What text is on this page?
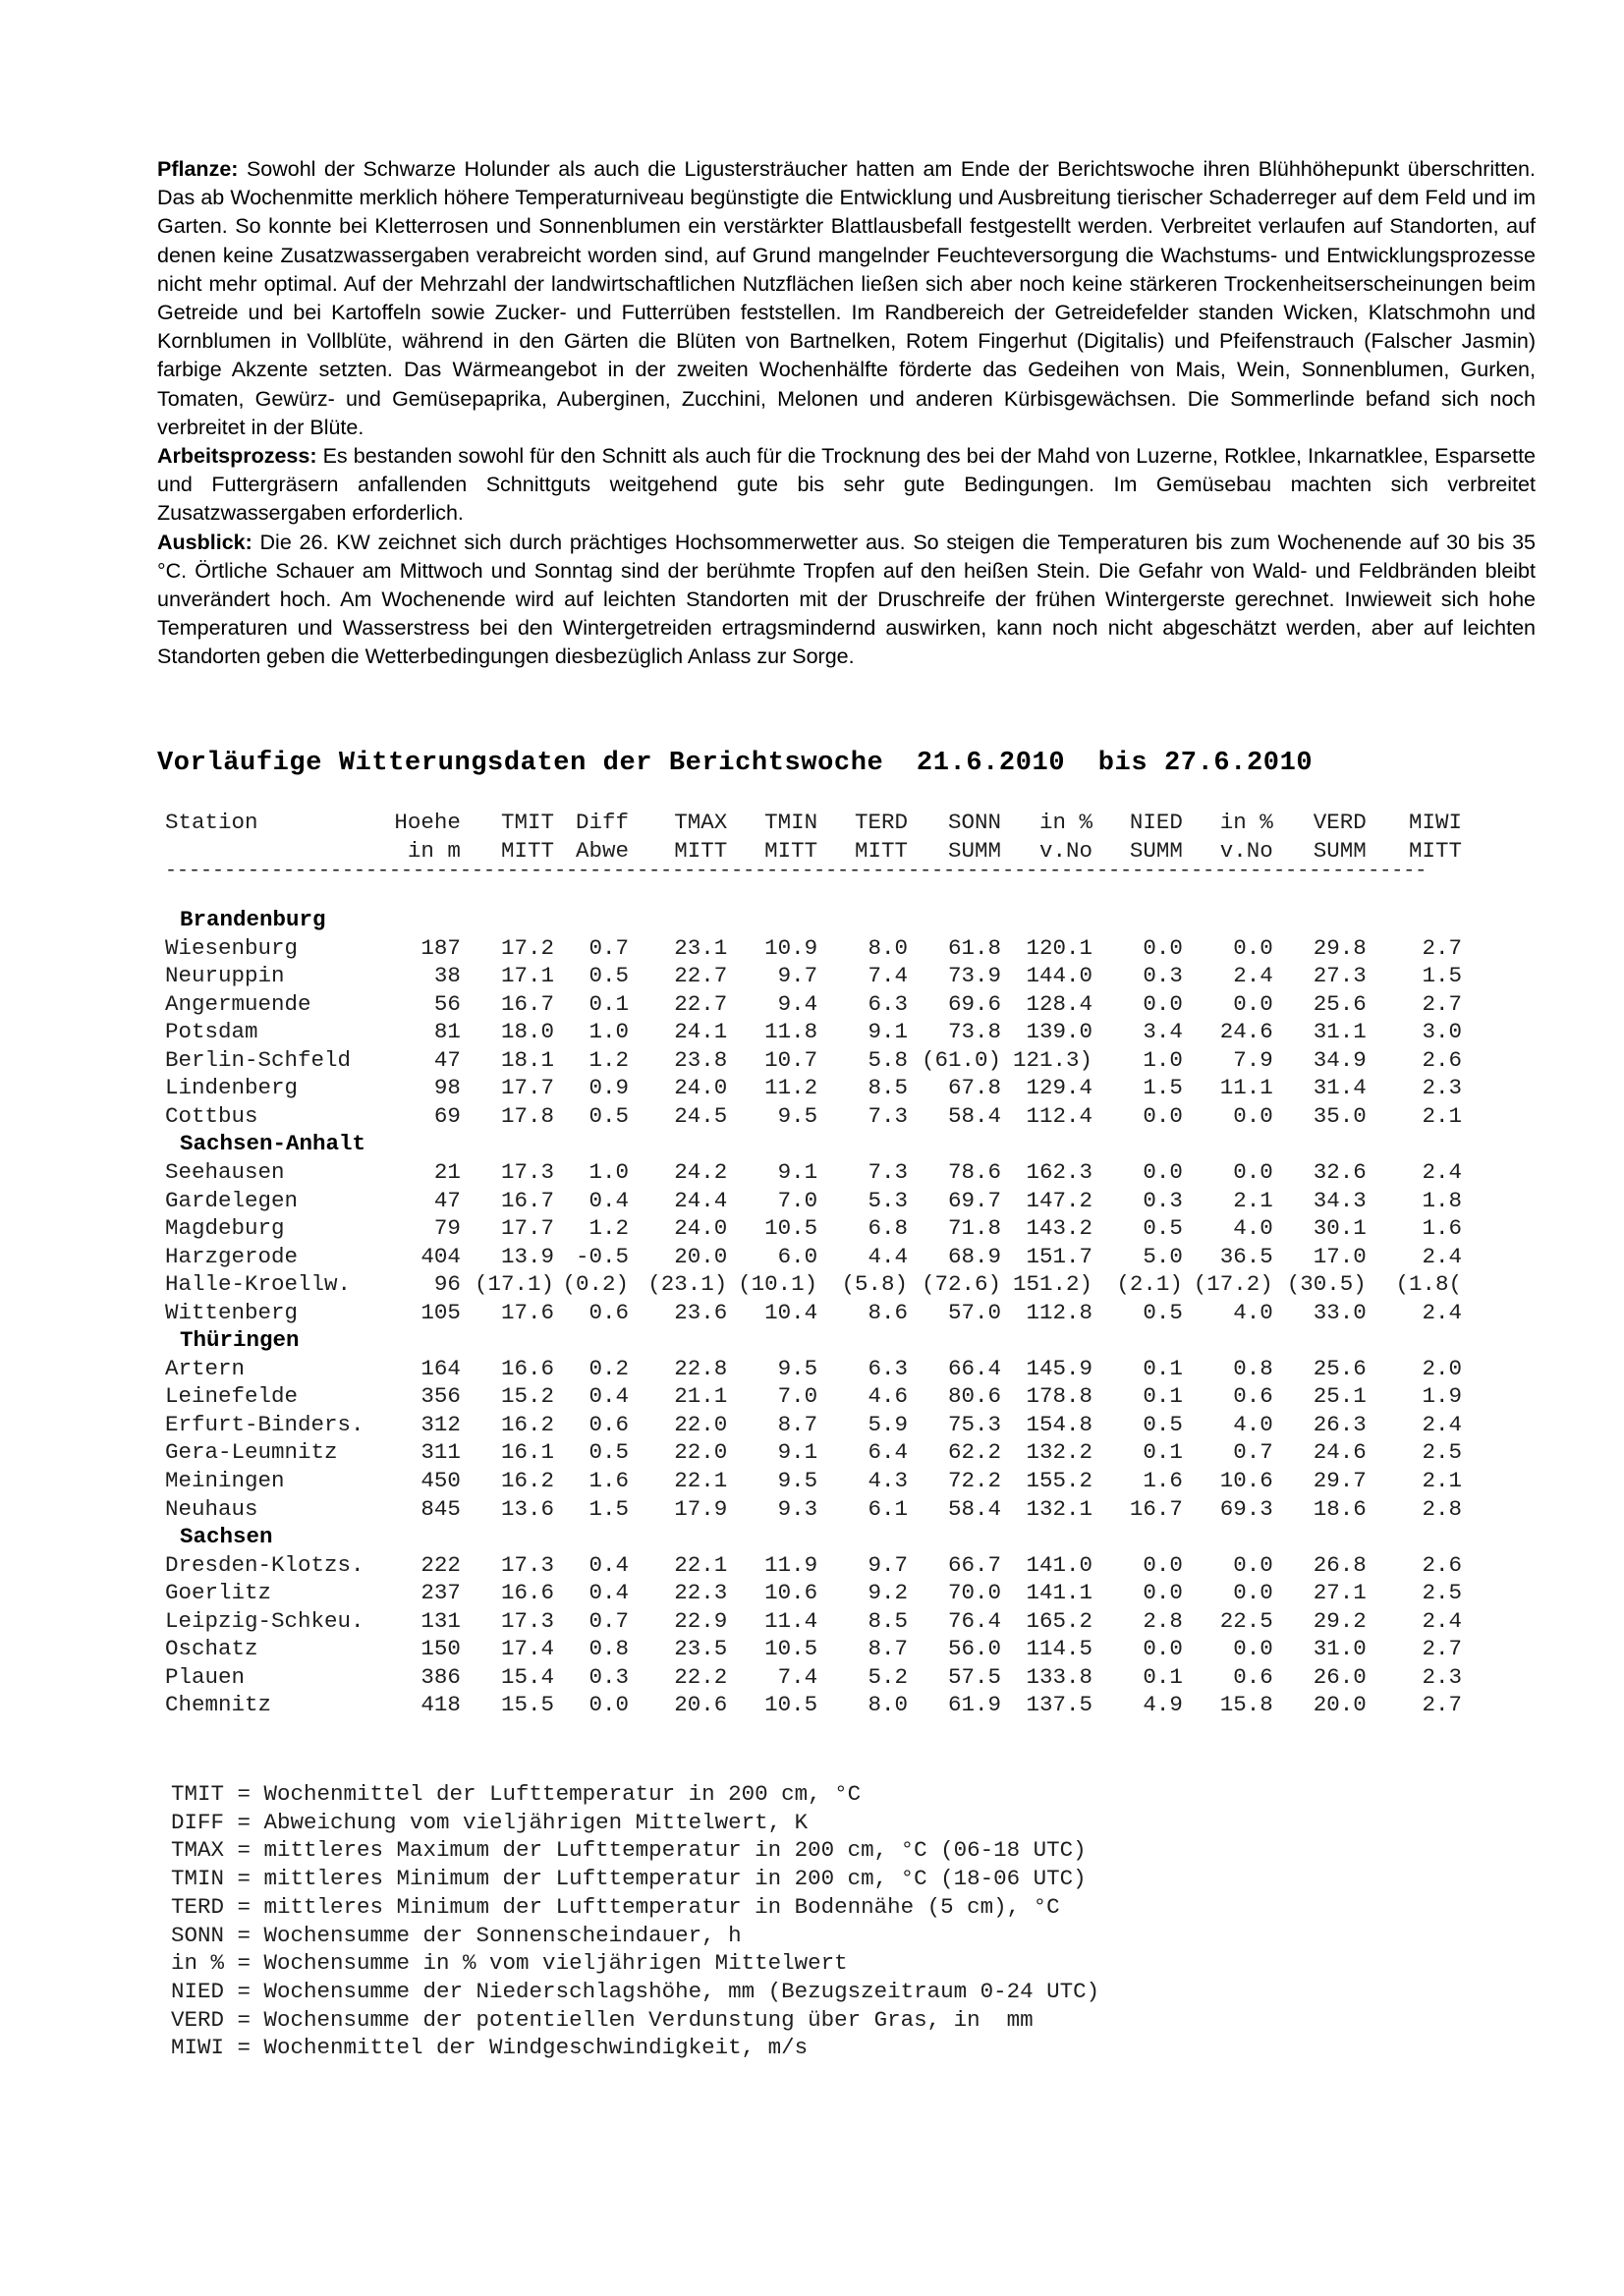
Pflanze: Sowohl der Schwarze Holunder als auch die Ligustersträucher hatten am Ende der Berichtswoche ihren Blühhöhepunkt überschritten. Das ab Wochenmitte merklich höhere Temperaturniveau begünstigte die Entwicklung und Ausbreitung tierischer Schaderreger auf dem Feld und im Garten. So konnte bei Kletterrosen und Sonnenblumen ein verstärkter Blattlausbefall festgestellt werden. Verbreitet verlaufen auf Standorten, auf denen keine Zusatzwassergaben verabreicht worden sind, auf Grund mangelnder Feuchteversorgung die Wachstums- und Entwicklungsprozesse nicht mehr optimal. Auf der Mehrzahl der landwirtschaftlichen Nutzflächen ließen sich aber noch keine stärkeren Trockenheitserscheinungen beim Getreide und bei Kartoffeln sowie Zucker- und Futterrüben feststellen. Im Randbereich der Getreidefelder standen Wicken, Klatschmohn und Kornblumen in Vollblüte, während in den Gärten die Blüten von Bartnelken, Rotem Fingerhut (Digitalis) und Pfeifenstrauch (Falscher Jasmin) farbige Akzente setzten. Das Wärmeangebot in der zweiten Wochenhälfte förderte das Gedeihen von Mais, Wein, Sonnenblumen, Gurken, Tomaten, Gewürz- und Gemüsepaprika, Auberginen, Zucchini, Melonen und anderen Kürbisgewächsen. Die Sommerlinde befand sich noch verbreitet in der Blüte.

Arbeitsprozess: Es bestanden sowohl für den Schnitt als auch für die Trocknung des bei der Mahd von Luzerne, Rotklee, Inkarnatklee, Esparsette und Futtergräsern anfallenden Schnittguts weitgehend gute bis sehr gute Bedingungen. Im Gemüsebau machten sich verbreitet Zusatzwassergaben erforderlich.

Ausblick: Die 26. KW zeichnet sich durch prächtiges Hochsommerwetter aus. So steigen die Temperaturen bis zum Wochenende auf 30 bis 35 °C. Örtliche Schauer am Mittwoch und Sonntag sind der berühmte Tropfen auf den heißen Stein. Die Gefahr von Wald- und Feldbränden bleibt unverändert hoch. Am Wochenende wird auf leichten Standorten mit der Druschreife der frühen Wintergerste gerechnet. Inwieweit sich hohe Temperaturen und Wasserstress bei den Wintergetreiden ertragsmindernd auswirken, kann noch nicht abgeschätzt werden, aber auf leichten Standorten geben die Wetterbedingungen diesbezüglich Anlass zur Sorge.

Vorläufige Witterungsdaten der Berichtswoche  21.6.2010  bis 27.6.2010
Station	Hoehe	TMIT	Diff	TMAX	TMIN	TERD	SONN	in %	NIED	in %	VERD	MIWI
	in m	MITT	Abwe	MITT	MITT	MITT	SUMM	v.No	SUMM	v.No	SUMM	MITT
-----------------------------------------------------------------------------------------------------------												

Brandenburg												
Wiesenburg	187	17.2	0.7	23.1	10.9	8.0	61.8	120.1	0.0	0.0	29.8	2.7
Neuruppin	38	17.1	0.5	22.7	9.7	7.4	73.9	144.0	0.3	2.4	27.3	1.5
Angermuende	56	16.7	0.1	22.7	9.4	6.3	69.6	128.4	0.0	0.0	25.6	2.7
Potsdam	81	18.0	1.0	24.1	11.8	9.1	73.8	139.0	3.4	24.6	31.1	3.0
Berlin-Schfeld	47	18.1	1.2	23.8	10.7	5.8	(61.0)	121.3)	1.0	7.9	34.9	2.6
Lindenberg	98	17.7	0.9	24.0	11.2	8.5	67.8	129.4	1.5	11.1	31.4	2.3
Cottbus	69	17.8	0.5	24.5	9.5	7.3	58.4	112.4	0.0	0.0	35.0	2.1
Sachsen-Anhalt												
Seehausen	21	17.3	1.0	24.2	9.1	7.3	78.6	162.3	0.0	0.0	32.6	2.4
Gardelegen	47	16.7	0.4	24.4	7.0	5.3	69.7	147.2	0.3	2.1	34.3	1.8
Magdeburg	79	17.7	1.2	24.0	10.5	6.8	71.8	143.2	0.5	4.0	30.1	1.6
Harzgerode	404	13.9	-0.5	20.0	6.0	4.4	68.9	151.7	5.0	36.5	17.0	2.4
Halle-Kroellw.	96	(17.1)	(0.2)	(23.1)	(10.1)	(5.8)	(72.6)	151.2)	(2.1)	(17.2)	(30.5)	(1.8(
Wittenberg	105	17.6	0.6	23.6	10.4	8.6	57.0	112.8	0.5	4.0	33.0	2.4
Thüringen												
Artern	164	16.6	0.2	22.8	9.5	6.3	66.4	145.9	0.1	0.8	25.6	2.0
Leinefelde	356	15.2	0.4	21.1	7.0	4.6	80.6	178.8	0.1	0.6	25.1	1.9
Erfurt-Binders.	312	16.2	0.6	22.0	8.7	5.9	75.3	154.8	0.5	4.0	26.3	2.4
Gera-Leumnitz	311	16.1	0.5	22.0	9.1	6.4	62.2	132.2	0.1	0.7	24.6	2.5
Meiningen	450	16.2	1.6	22.1	9.5	4.3	72.2	155.2	1.6	10.6	29.7	2.1
Neuhaus	845	13.6	1.5	17.9	9.3	6.1	58.4	132.1	16.7	69.3	18.6	2.8
Sachsen												
Dresden-Klotzs.	222	17.3	0.4	22.1	11.9	9.7	66.7	141.0	0.0	0.0	26.8	2.6
Goerlitz	237	16.6	0.4	22.3	10.6	9.2	70.0	141.1	0.0	0.0	27.1	2.5
Leipzig-Schkeu.	131	17.3	0.7	22.9	11.4	8.5	76.4	165.2	2.8	22.5	29.2	2.4
Oschatz	150	17.4	0.8	23.5	10.5	8.7	56.0	114.5	0.0	0.0	31.0	2.7
Plauen	386	15.4	0.3	22.2	7.4	5.2	57.5	133.8	0.1	0.6	26.0	2.3
Chemnitz	418	15.5	0.0	20.6	10.5	8.0	61.9	137.5	4.9	15.8	20.0	2.7
TMIT = Wochenmittel der Lufttemperatur in 200 cm, °C
DIFF = Abweichung vom vieljährigen Mittelwert, K
TMAX = mittleres Maximum der Lufttemperatur in 200 cm, °C (06-18 UTC)
TMIN = mittleres Minimum der Lufttemperatur in 200 cm, °C (18-06 UTC)
TERD = mittleres Minimum der Lufttemperatur in Bodennähe (5 cm), °C
SONN = Wochensumme der Sonnenscheindauer, h
in % = Wochensumme in % vom vieljährigen Mittelwert
NIED = Wochensumme der Niederschlagshöhe, mm (Bezugszeitraum 0-24 UTC)
VERD = Wochensumme der potentiellen Verdunstung über Gras, in  mm
MIWI = Wochenmittel der Windgeschwindigkeit, m/s
